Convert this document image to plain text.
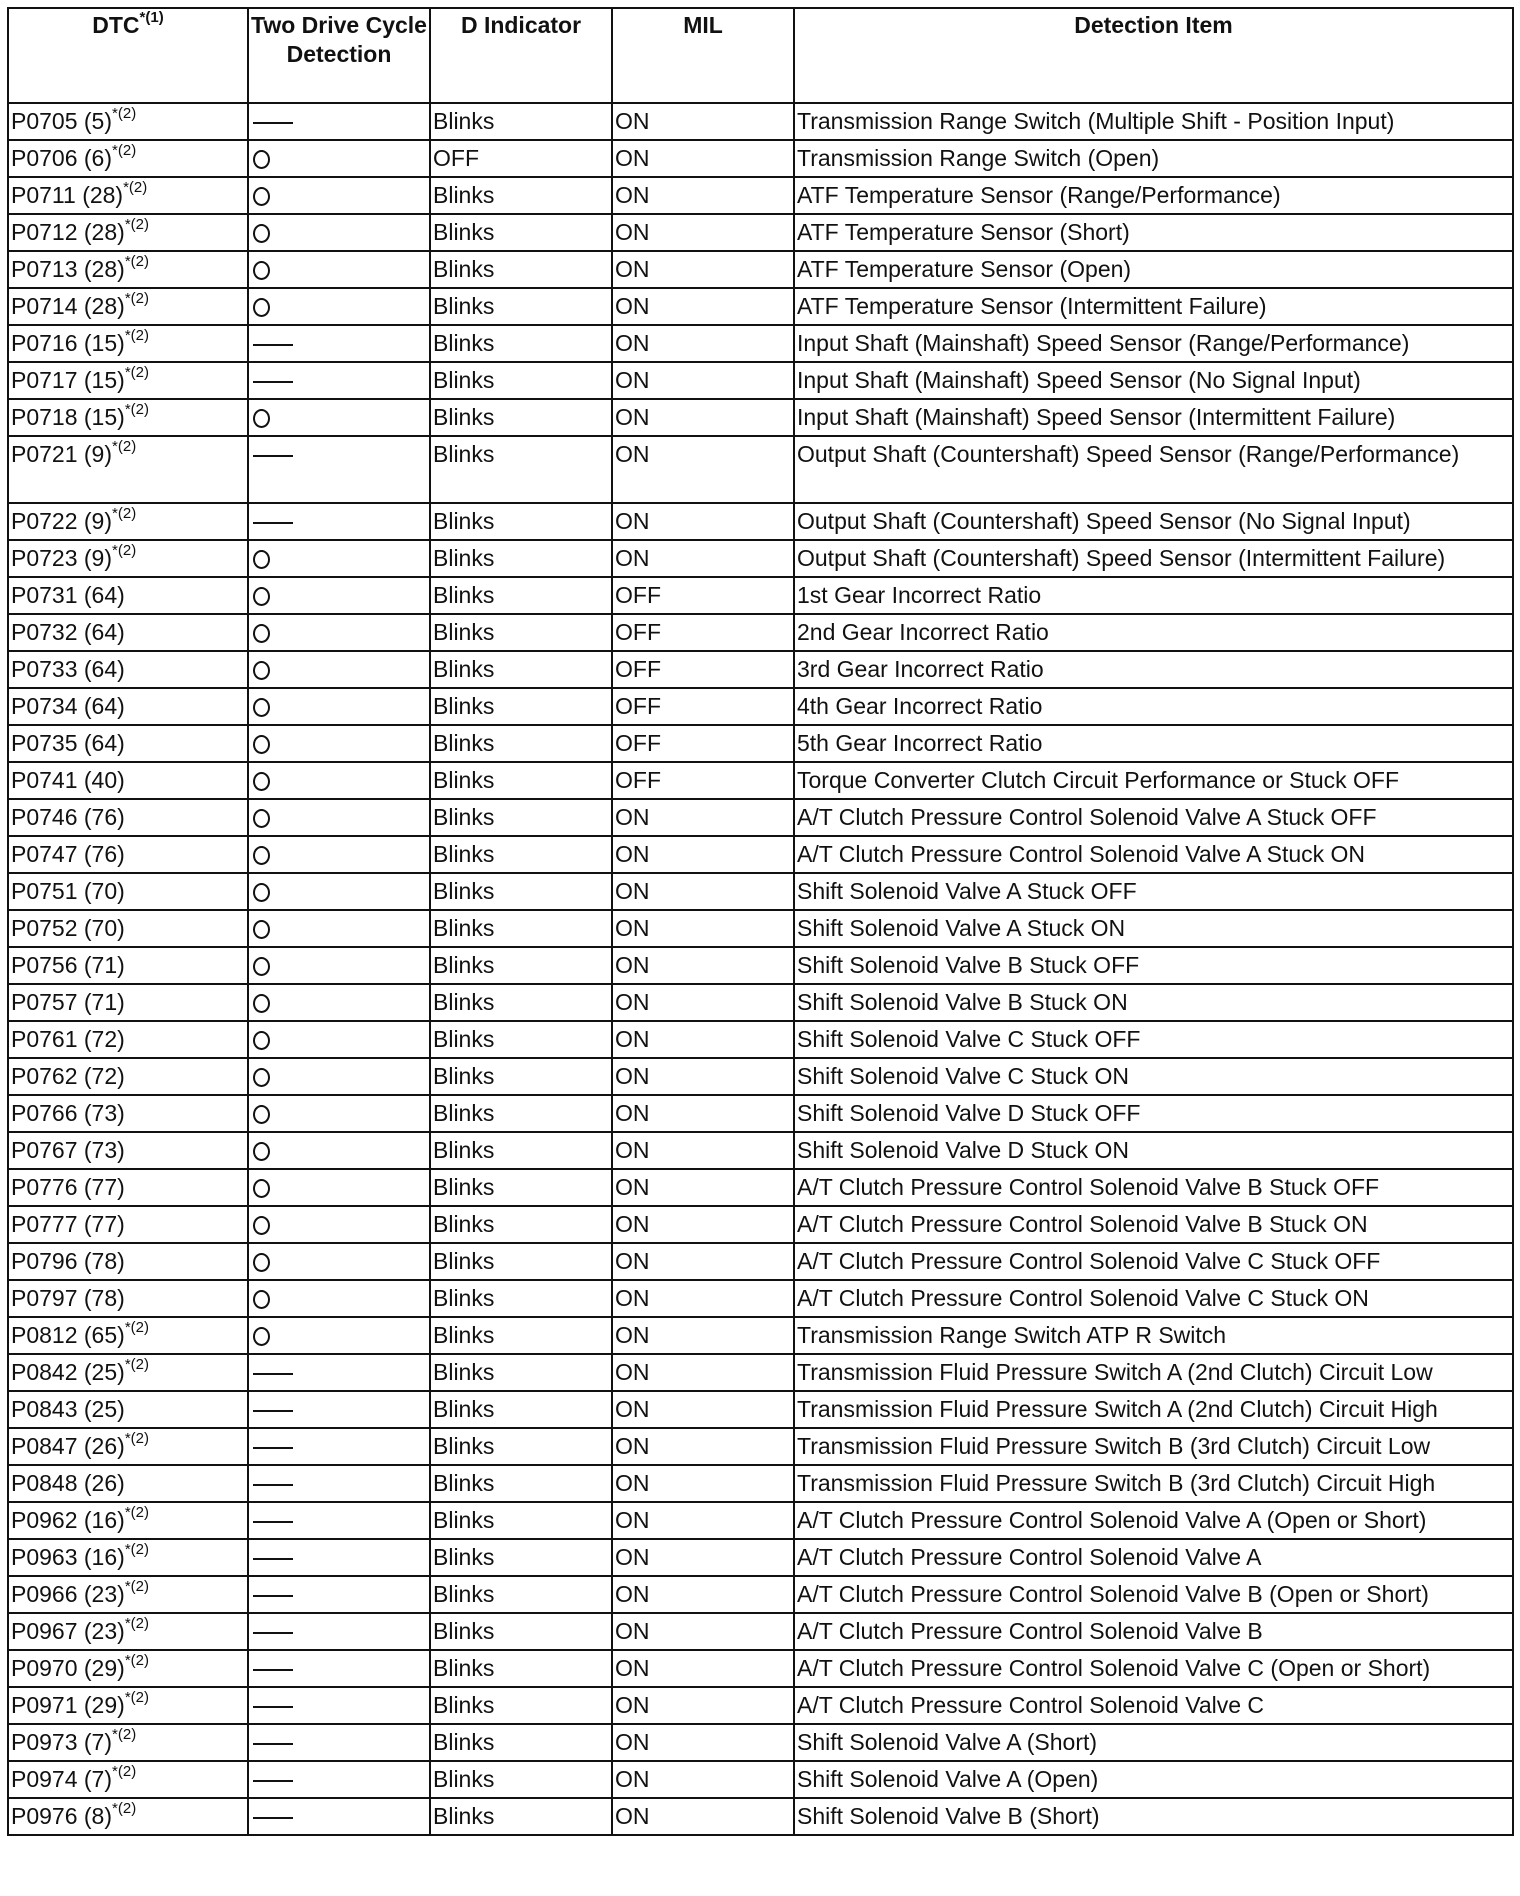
DTC$^{*(1)}$	Two Drive Cycle Detection	D Indicator	MIL	Detection Item
P0705 $(5)^{*(2)}$		Blinks	ON	Transmission Range Switch (Multiple Shift - Position Input)
P0706 $(6)^{*(2)}$		OFF	ON	Transmission Range Switch (Open)
P0711 $(28)^{*(2)}$		Blinks	ON	ATF Temperature Sensor (Range/Performance)
P0712 $(28)^{*(2)}$		Blinks	ON	ATF Temperature Sensor (Short)
P0713 $(28)^{*(2)}$		Blinks	ON	ATF Temperature Sensor (Open)
P0714 $(28)^{*(2)}$		Blinks	ON	ATF Temperature Sensor (Intermittent Failure)
P0716 $(15)^{*(2)}$		Blinks	ON	Input Shaft (Mainshaft) Speed Sensor (Range/Performance)
P0717 $(15)^{*(2)}$		Blinks	ON	Input Shaft (Mainshaft) Speed Sensor (No Signal Input)
P0718 $(15)^{*(2)}$		Blinks	ON	Input Shaft (Mainshaft) Speed Sensor (Intermittent Failure)
P0721 $(9)^{*(2)}$		Blinks	ON	Output Shaft (Countershaft) Speed Sensor (Range/Performance)
P0722 $(9)^{*(2)}$		Blinks	ON	Output Shaft (Countershaft) Speed Sensor (No Signal Input)
P0723 $(9)^{*(2)}$		Blinks	ON	Output Shaft (Countershaft) Speed Sensor (Intermittent Failure)
P0731 (64)		Blinks	OFF	1st Gear Incorrect Ratio
P0732 (64)		Blinks	OFF	2nd Gear Incorrect Ratio
P0733 (64)		Blinks	OFF	3rd Gear Incorrect Ratio
P0734 (64)		Blinks	OFF	4th Gear Incorrect Ratio
P0735 (64)		Blinks	OFF	5th Gear Incorrect Ratio
P0741 (40)		Blinks	OFF	Torque Converter Clutch Circuit Performance or Stuck OFF
P0746 (76)		Blinks	ON	A/T Clutch Pressure Control Solenoid Valve A Stuck OFF
P0747 (76)		Blinks	ON	A/T Clutch Pressure Control Solenoid Valve A Stuck ON
P0751 (70)		Blinks	ON	Shift Solenoid Valve A Stuck OFF
P0752 (70)		Blinks	ON	Shift Solenoid Valve A Stuck ON
P0756 (71)		Blinks	ON	Shift Solenoid Valve B Stuck OFF
P0757 (71)		Blinks	ON	Shift Solenoid Valve B Stuck ON
P0761 (72)		Blinks	ON	Shift Solenoid Valve C Stuck OFF
P0762 (72)		Blinks	ON	Shift Solenoid Valve C Stuck ON
P0766 (73)		Blinks	ON	Shift Solenoid Valve D Stuck OFF
P0767 (73)		Blinks	ON	Shift Solenoid Valve D Stuck ON
P0776 (77)		Blinks	ON	A/T Clutch Pressure Control Solenoid Valve B Stuck OFF
P0777 (77)		Blinks	ON	A/T Clutch Pressure Control Solenoid Valve B Stuck ON
P0796 (78)		Blinks	ON	A/T Clutch Pressure Control Solenoid Valve C Stuck OFF
P0797 (78)		Blinks	ON	A/T Clutch Pressure Control Solenoid Valve C Stuck ON
P0812 $(65)^{*(2)}$		Blinks	ON	Transmission Range Switch ATP R Switch
P0842 $(25)^{*(2)}$		Blinks	ON	Transmission Fluid Pressure Switch A (2nd Clutch) Circuit Low
P0843 (25)		Blinks	ON	Transmission Fluid Pressure Switch A (2nd Clutch) Circuit High
P0847 $(26)^{*(2)}$		Blinks	ON	Transmission Fluid Pressure Switch B (3rd Clutch) Circuit Low
P0848 (26)		Blinks	ON	Transmission Fluid Pressure Switch B (3rd Clutch) Circuit High
P0962 $(16)^{*(2)}$		Blinks	ON	A/T Clutch Pressure Control Solenoid Valve A (Open or Short)
P0963 $(16)^{*(2)}$		Blinks	ON	A/T Clutch Pressure Control Solenoid Valve A
P0966 $(23)^{*(2)}$		Blinks	ON	A/T Clutch Pressure Control Solenoid Valve B (Open or Short)
P0967 $(23)^{*(2)}$		Blinks	ON	A/T Clutch Pressure Control Solenoid Valve B
P0970 $(29)^{*(2)}$		Blinks	ON	A/T Clutch Pressure Control Solenoid Valve C (Open or Short)
P0971 $(29)^{*(2)}$		Blinks	ON	A/T Clutch Pressure Control Solenoid Valve C
P0973 $(7)^{*(2)}$		Blinks	ON	Shift Solenoid Valve A (Short)
P0974 $(7)^{*(2)}$		Blinks	ON	Shift Solenoid Valve A (Open)
P0976 $(8)^{*(2)}$		Blinks	ON	Shift Solenoid Valve B (Short)
